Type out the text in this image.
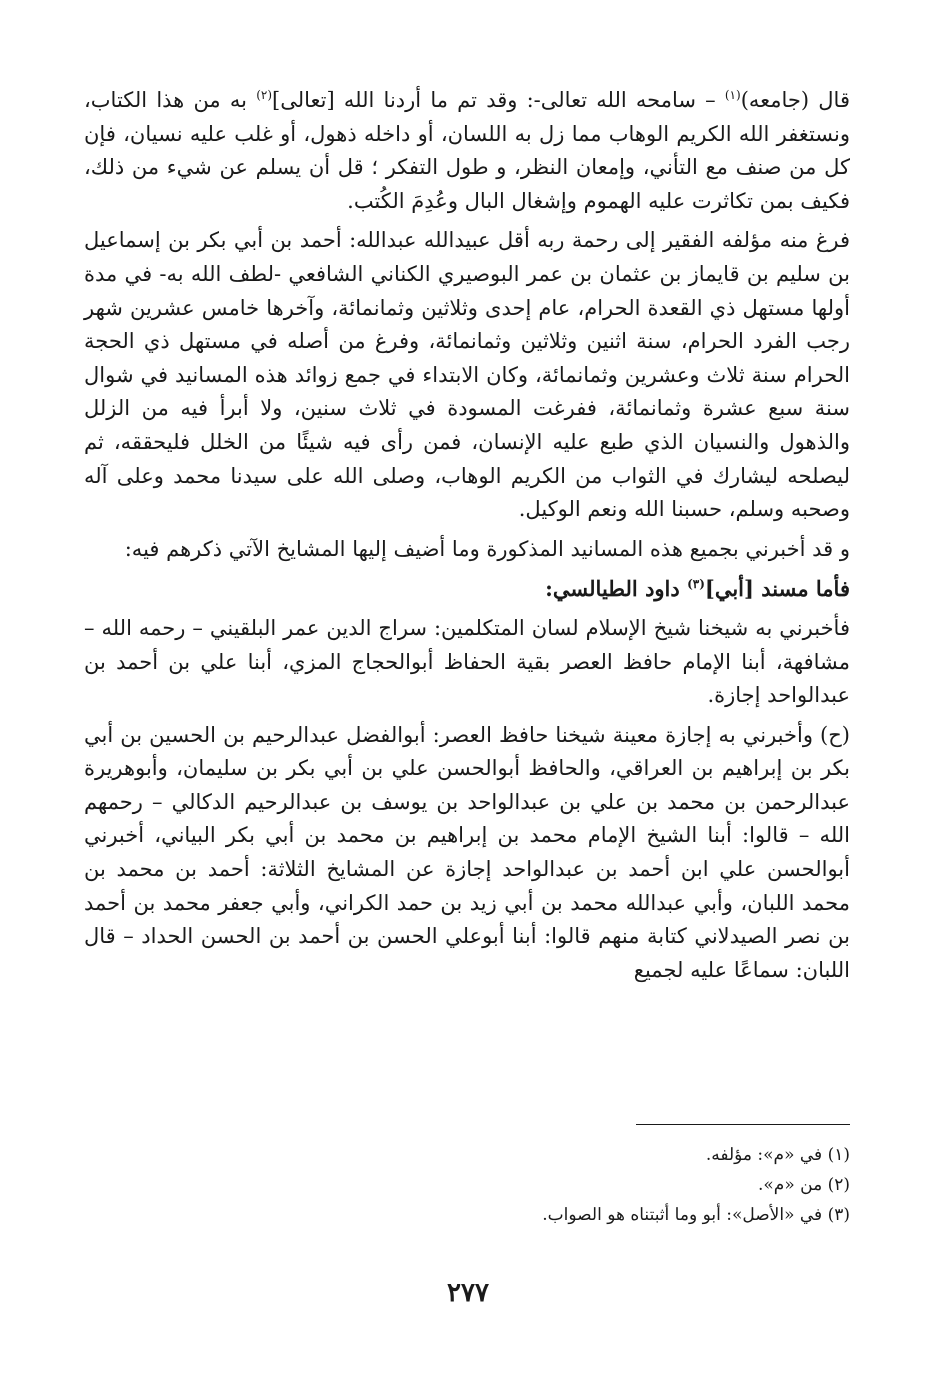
قال (جامعه)$^{(١)}$ – سامحه الله تعالى-: وقد تم ما أردنا الله [تعالى]$^{(٢)}$ به من هذا الكتاب، ونستغفر الله الكريم الوهاب مما زل به اللسان، أو داخله ذهول، أو غلب عليه نسيان، فإن كل من صنف مع التأني، وإمعان النظر، و طول التفكر ؛ قل أن يسلم عن شيء من ذلك، فكيف بمن تكاثرت عليه الهموم وإشغال البال وعُدِمَ الكُتب.
فرغ منه مؤلفه الفقير إلى رحمة ربه أقل عبيدالله عبدالله: أحمد بن أبي بكر بن إسماعيل بن سليم بن قايماز بن عثمان بن عمر البوصيري الكناني الشافعي -لطف الله به- في مدة أولها مستهل ذي القعدة الحرام، عام إحدى وثلاثين وثمانمائة، وآخرها خامس عشرين شهر رجب الفرد الحرام، سنة اثنين وثلاثين وثمانمائة، وفرغ من أصله في مستهل ذي الحجة الحرام سنة ثلاث وعشرين وثمانمائة، وكان الابتداء في جمع زوائد هذه المسانيد في شوال سنة سبع عشرة وثمانمائة، ففرغت المسودة في ثلاث سنين، ولا أبرأ فيه من الزلل والذهول والنسيان الذي طبع عليه الإنسان، فمن رأى فيه شيئًا من الخلل فليحققه، ثم ليصلحه ليشارك في الثواب من الكريم الوهاب، وصلى الله على سيدنا محمد وعلى آله وصحبه وسلم، حسبنا الله ونعم الوكيل.
و قد أخبرني بجميع هذه المسانيد المذكورة وما أضيف إليها المشايخ الآتي ذكرهم فيه:
فأما مسند [أبي]$^{(٣)}$ داود الطيالسي:
فأخبرني به شيخنا شيخ الإسلام لسان المتكلمين: سراج الدين عمر البلقيني – رحمه الله – مشافهة، أبنا الإمام حافظ العصر بقية الحفاظ أبوالحجاج المزي، أبنا علي بن أحمد بن عبدالواحد إجازة.
(ح) وأخبرني به إجازة معينة شيخنا حافظ العصر: أبوالفضل عبدالرحيم بن الحسين بن أبي بكر بن إبراهيم بن العراقي، والحافظ أبوالحسن علي بن أبي بكر بن سليمان، وأبوهريرة عبدالرحمن بن محمد بن علي بن عبدالواحد بن يوسف بن عبدالرحيم الدكالي – رحمهم الله – قالوا: أبنا الشيخ الإمام محمد بن إبراهيم بن محمد بن أبي بكر البياني، أخبرني أبوالحسن علي ابن أحمد بن عبدالواحد إجازة عن المشايخ الثلاثة: أحمد بن محمد بن محمد اللبان، وأبي عبدالله محمد بن أبي زيد بن حمد الكراني، وأبي جعفر محمد بن أحمد بن نصر الصيدلاني كتابة منهم قالوا: أبنا أبوعلي الحسن بن أحمد بن الحسن الحداد – قال اللبان: سماعًا عليه لجميع

(١) في «م»: مؤلفه.

(٢) من «م».

(٣) في «الأصل»: أبو وما أثبتناه هو الصواب.

٢٧٧
